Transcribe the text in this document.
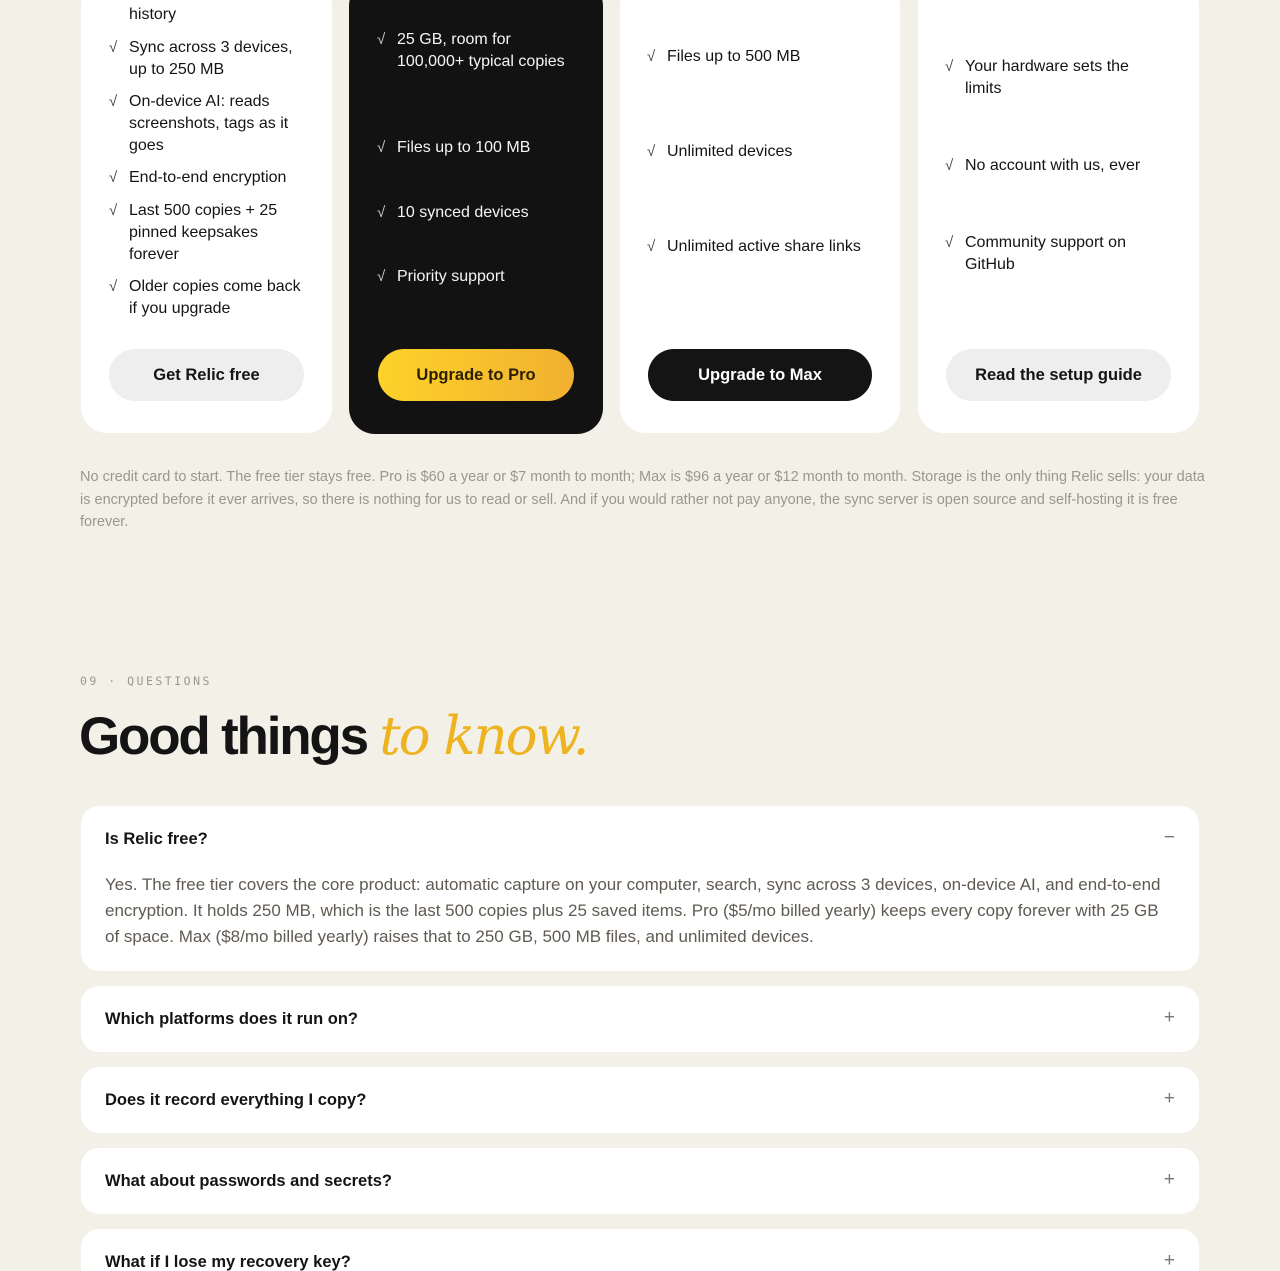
history
√ Sync across 3 devices, up to 250 MB
√ On-device AI: reads screenshots, tags as it goes
√ End-to-end encryption
√ Last 500 copies + 25 pinned keepsakes forever
√ Older copies come back if you upgrade
Get Relic free
√ 25 GB, room for 100,000+ typical copies
√ Files up to 100 MB
√ 10 synced devices
√ Priority support
Upgrade to Pro
√ Files up to 500 MB
√ Unlimited devices
√ Unlimited active share links
Upgrade to Max
√ Your hardware sets the limits
√ No account with us, ever
√ Community support on GitHub
Read the setup guide

No credit card to start. The free tier stays free. Pro is $60 a year or $7 month to month; Max is $96 a year or $12 month to month. Storage is the only thing Relic sells: your data is encrypted before it ever arrives, so there is nothing for us to read or sell. And if you would rather not pay anyone, the sync server is open source and self-hosting it is free forever.

09 · QUESTIONS
Good things to know.
Is Relic free?	−

Yes. The free tier covers the core product: automatic capture on your computer, search, sync across 3 devices, on-device AI, and end-to-end encryption. It holds 250 MB, which is the last 500 copies plus 25 saved items. Pro ($5/mo billed yearly) keeps every copy forever with 25 GB of space. Max ($8/mo billed yearly) raises that to 250 GB, 500 MB files, and unlimited devices.

Which platforms does it run on?	+
Does it record everything I copy?	+
What about passwords and secrets?	+
What if I lose my recovery key?	+
